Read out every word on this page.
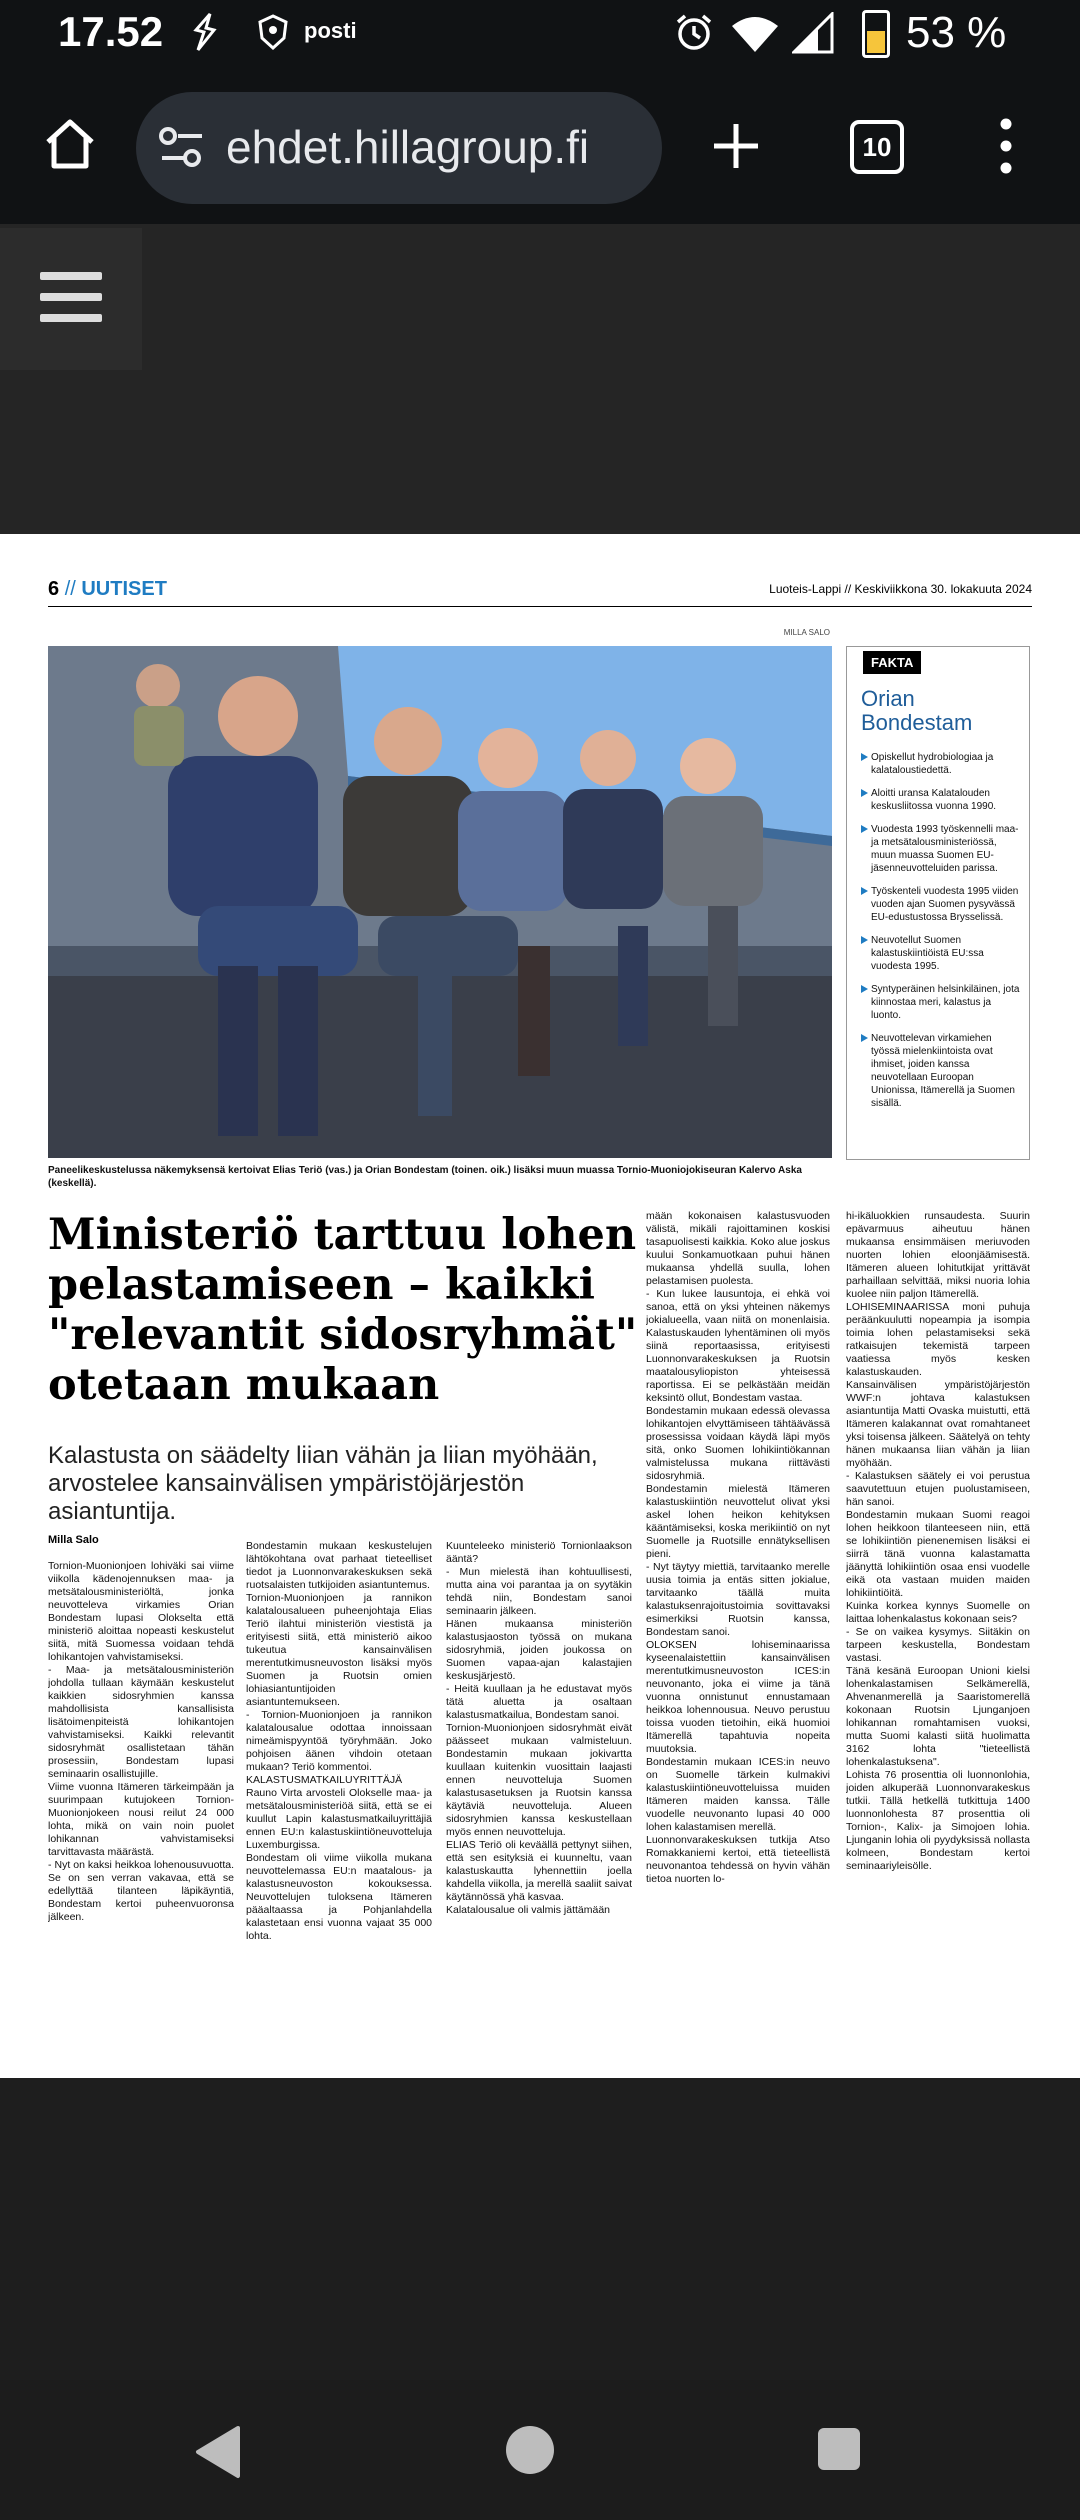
17.52	posti	53 %
ehdet.hillagroup.fi	10
6 // UUTISET	Luoteis-Lappi // Keskiviikkona 30. lokakuuta 2024
MILLA SALO
Paneelikeskustelussa näkemyksensä kertoivat Elias Teriö (vas.) ja Orian Bondestam (toinen. oik.) lisäksi muun muassa Tornio-Muoniojokiseuran Kalervo Aska (keskellä).
FAKTA
Orian Bondestam
Opiskellut hydrobiologiaa ja kalataloustiedettä.
Aloitti uransa Kalatalouden keskusliitossa vuonna 1990.
Vuodesta 1993 työskennelli maa- ja metsätalousministeriössä, muun muassa Suomen EU-jäsenneuvotteluiden parissa.
Työskenteli vuodesta 1995 viiden vuoden ajan Suomen pysyvässä EU-edustustossa Brysselissä.
Neuvotellut Suomen kalastuskiintiöistä EU:ssa vuodesta 1995.
Syntyperäinen helsinkiläinen, jota kiinnostaa meri, kalastus ja luonto.
Neuvottelevan virkamiehen työssä mielenkiintoista ovat ihmiset, joiden kanssa neuvotellaan Euroopan Unionissa, Itämerellä ja Suomen sisällä.
Ministeriö tarttuu lohen pelastamiseen – kaikki "relevantit sidosryhmät" otetaan mukaan
Kalastusta on säädelty liian vähän ja liian myöhään, arvostelee kansainvälisen ympäristöjärjestön asiantuntija.
Milla Salo
Tornion-Muonionjoen lohiväki sai viime viikolla kädenojennuksen maa- ja metsätalousministeriöltä, jonka neuvotteleva virkamies Orian Bondestam lupasi Olokselta että ministeriö aloittaa nopeasti keskustelut siitä, mitä Suomessa voidaan tehdä lohikantojen vahvistamiseksi.
- Maa- ja metsätalousministeriön johdolla tullaan käymään keskustelut kaikkien sidosryhmien kanssa mahdollisista kansallisista lisätoimenpiteistä lohikantojen vahvistamiseksi. Kaikki relevantit sidosryhmät osallistetaan tähän prosessiin, Bondestam lupasi seminaarin osallistujille.
Viime vuonna Itämeren tärkeimpään ja suurimpaan kutujokeen Tornion-Muonionjokeen nousi reilut 24 000 lohta, mikä on vain noin puolet lohikannan vahvistamiseksi tarvittavasta määrästä.
- Nyt on kaksi heikkoa lohenousuvuotta. Se on sen verran vakavaa, että se edellyttää tilanteen läpikäyntiä, Bondestam kertoi puheenvuoronsa jälkeen.
Bondestamin mukaan keskustelujen lähtökohtana ovat parhaat tieteelliset tiedot ja Luonnonvarakeskuksen sekä ruotsalaisten tutkijoiden asiantuntemus.
Tornion-Muonionjoen ja rannikon kalatalousalueen puheenjohtaja Elias Teriö ilahtui ministeriön viestistä ja erityisesti siitä, että ministeriö aikoo tukeutua kansainvälisen merentutkimusneuvoston lisäksi myös Suomen ja Ruotsin omien lohiasiantuntijoiden asiantuntemukseen.
- Tornion-Muonionjoen ja rannikon kalatalousalue odottaa innoissaan nimeämispyyntöä työryhmään. Joko pohjoisen äänen vihdoin otetaan mukaan? Teriö kommentoi.
KALASTUSMATKAILUYRITTÄJÄ Rauno Virta arvosteli Olokselle maa- ja metsätalousministeriöä siitä, että se ei kuullut Lapin kalastusmatkailuyrittäjiä ennen EU:n kalastuskiintiöneuvotteluja Luxemburgissa.
Bondestam oli viime viikolla mukana neuvottelemassa EU:n maatalous- ja kalastusneuvoston kokouksessa. Neuvottelujen tuloksena Itämeren pääaltaassa ja Pohjanlahdella kalastetaan ensi vuonna vajaat 35 000 lohta.
Kuunteleeko ministeriö Tornionlaakson ääntä?
- Mun mielestä ihan kohtuullisesti, mutta aina voi parantaa ja on syytäkin tehdä niin, Bondestam sanoi seminaarin jälkeen.
Hänen mukaansa ministeriön kalastusjaoston työssä on mukana sidosryhmiä, joiden joukossa on Suomen vapaa-ajan kalastajien keskusjärjestö.
- Heitä kuullaan ja he edustavat myös tätä aluetta ja osaltaan kalastusmatkailua, Bondestam sanoi.
Tornion-Muonionjoen sidosryhmät eivät päässeet mukaan valmisteluun. Bondestamin mukaan jokivartta kuullaan kuitenkin vuosittain laajasti ennen neuvotteluja Suomen kalastusasetuksen ja Ruotsin kanssa käytäviä neuvotteluja. Alueen sidosryhmien kanssa keskustellaan myös ennen neuvotteluja.
ELIAS Teriö oli keväällä pettynyt siihen, että sen esityksiä ei kuunneltu, vaan kalastuskautta lyhennettiin joella kahdella viikolla, ja merellä saaliit saivat käytännössä yhä kasvaa.
Kalatalousalue oli valmis jättämään
mään kokonaisen kalastusvuoden välistä, mikäli rajoittaminen koskisi tasapuolisesti kaikkia. Koko alue joskus kuului Sonkamuotkaan puhui hänen mukaansa yhdellä suulla, lohen pelastamisen puolesta.
- Kun lukee lausuntoja, ei ehkä voi sanoa, että on yksi yhteinen näkemys jokialueella, vaan niitä on monenlaisia. Kalastuskauden lyhentäminen oli myös siinä reportaasissa, erityisesti Luonnonvarakeskuksen ja Ruotsin maatalousyliopiston yhteisessä raportissa. Ei se pelkästään meidän keksintö ollut, Bondestam vastaa.
Bondestamin mukaan edessä olevassa lohikantojen elvyttämiseen tähtäävässä prosessissa voidaan käydä läpi myös sitä, onko Suomen lohikiintiökannan valmistelussa mukana riittävästi sidosryhmiä.
Bondestamin mielestä Itämeren kalastuskiintiön neuvottelut olivat yksi askel lohen heikon kehityksen kääntämiseksi, koska merikiintiö on nyt Suomelle ja Ruotsille ennätyksellisen pieni.
- Nyt täytyy miettiä, tarvitaanko merelle uusia toimia ja entäs sitten jokialue, tarvitaanko täällä muita kalastuksenrajoitustoimia sovittavaksi esimerkiksi Ruotsin kanssa, Bondestam sanoi.
OLOKSEN lohiseminaarissa kyseenalaistettiin kansainvälisen merentutkimusneuvoston ICES:in neuvonanto, joka ei viime ja tänä vuonna onnistunut ennustamaan heikkoa lohennousua. Neuvo perustuu toissa vuoden tietoihin, eikä huomioi Itämerellä tapahtuvia nopeita muutoksia.
Bondestamin mukaan ICES:in neuvo on Suomelle tärkein kulmakivi kalastuskiintiöneuvotteluissa muiden Itämeren maiden kanssa. Tälle vuodelle neuvonanto lupasi 40 000 lohen kalastamisen merellä.
Luonnonvarakeskuksen tutkija Atso Romakkaniemi kertoi, että tieteellistä neuvonantoa tehdessä on hyvin vähän tietoa nuorten lo-
hi-ikäluokkien runsaudesta. Suurin epävarmuus aiheutuu hänen mukaansa ensimmäisen meriuvoden nuorten lohien eloonjäämisestä. Itämeren alueen lohitutkijat yrittävät parhaillaan selvittää, miksi nuoria lohia kuolee niin paljon Itämerellä.
LOHISEMINAARISSA moni puhuja peräänkuulutti nopeampia ja isompia toimia lohen pelastamiseksi sekä ratkaisujen tekemistä tarpeen vaatiessa myös kesken kalastuskauden.
Kansainvälisen ympäristöjärjestön WWF:n johtava kalastuksen asiantuntija Matti Ovaska muistutti, että Itämeren kalakannat ovat romahtaneet yksi toisensa jälkeen. Säätelyä on tehty hänen mukaansa liian vähän ja liian myöhään.
- Kalastuksen säätely ei voi perustua saavutettuun etujen puolustamiseen, hän sanoi.
Bondestamin mukaan Suomi reagoi lohen heikkoon tilanteeseen niin, että se lohikiintiön pienenemisen lisäksi ei siirrä tänä vuonna kalastamatta jäänyttä lohikiintiön osaa ensi vuodelle eikä ota vastaan muiden maiden lohikiintiöitä.
Kuinka korkea kynnys Suomelle on laittaa lohenkalastus kokonaan seis?
- Se on vaikea kysymys. Siitäkin on tarpeen keskustella, Bondestam vastasi.
Tänä kesänä Euroopan Unioni kielsi lohenkalastamisen Selkämerellä, Ahvenanmerellä ja Saaristomerellä kokonaan Ruotsin Ljunganjoen lohikannan romahtamisen vuoksi, mutta Suomi kalasti siitä huolimatta 3162 lohta "tieteellistä lohenkalastuksena".
Lohista 76 prosenttia oli luonnonlohia, joiden alkuperää Luonnonvarakeskus tutkii. Tällä hetkellä tutkittuja 1400 luonnonlohesta 87 prosenttia oli Tornion-, Kalix- ja Simojoen lohia. Ljunganin lohia oli pyydyksissä nollasta kolmeen, Bondestam kertoi seminaariyleisölle.
